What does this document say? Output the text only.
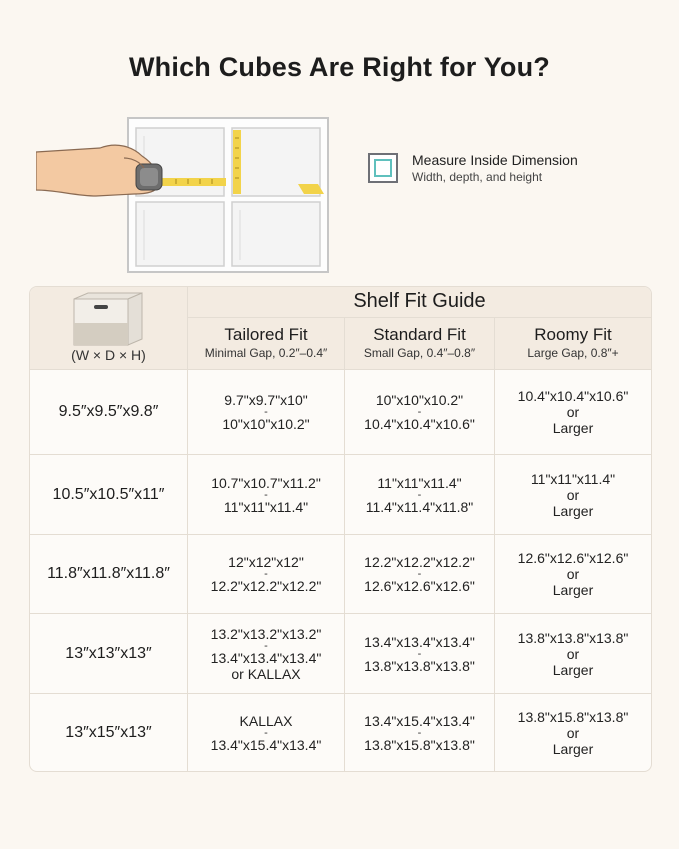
Which Cubes Are Right for You?
Measure Inside Dimension
Width, depth, and height
(W × D × H)
Shelf Fit Guide
Tailored Fit
Minimal Gap, 0.2″–0.4″
Standard Fit
Small Gap, 0.4″–0.8″
Roomy Fit
Large Gap, 0.8″+
9.5″x9.5″x9.8″
9.7"x9.7"x10"
-
10"x10"x10.2"
10"x10"x10.2"
-
10.4"x10.4"x10.6"
10.4"x10.4"x10.6"
or
Larger
10.5″x10.5″x11″
10.7"x10.7"x11.2"
-
11"x11"x11.4"
11"x11"x11.4"
-
11.4"x11.4"x11.8"
11"x11"x11.4"
or
Larger
11.8″x11.8″x11.8″
12"x12"x12"
-
12.2"x12.2"x12.2"
12.2"x12.2"x12.2"
-
12.6"x12.6"x12.6"
12.6"x12.6"x12.6"
or
Larger
13″x13″x13″
13.2"x13.2"x13.2"
-
13.4"x13.4"x13.4"
or KALLAX
13.4"x13.4"x13.4"
-
13.8"x13.8"x13.8"
13.8"x13.8"x13.8"
or
Larger
13″x15″x13″
KALLAX
-
13.4"x15.4"x13.4"
13.4"x15.4"x13.4"
-
13.8"x15.8"x13.8"
13.8"x15.8"x13.8"
or
Larger
